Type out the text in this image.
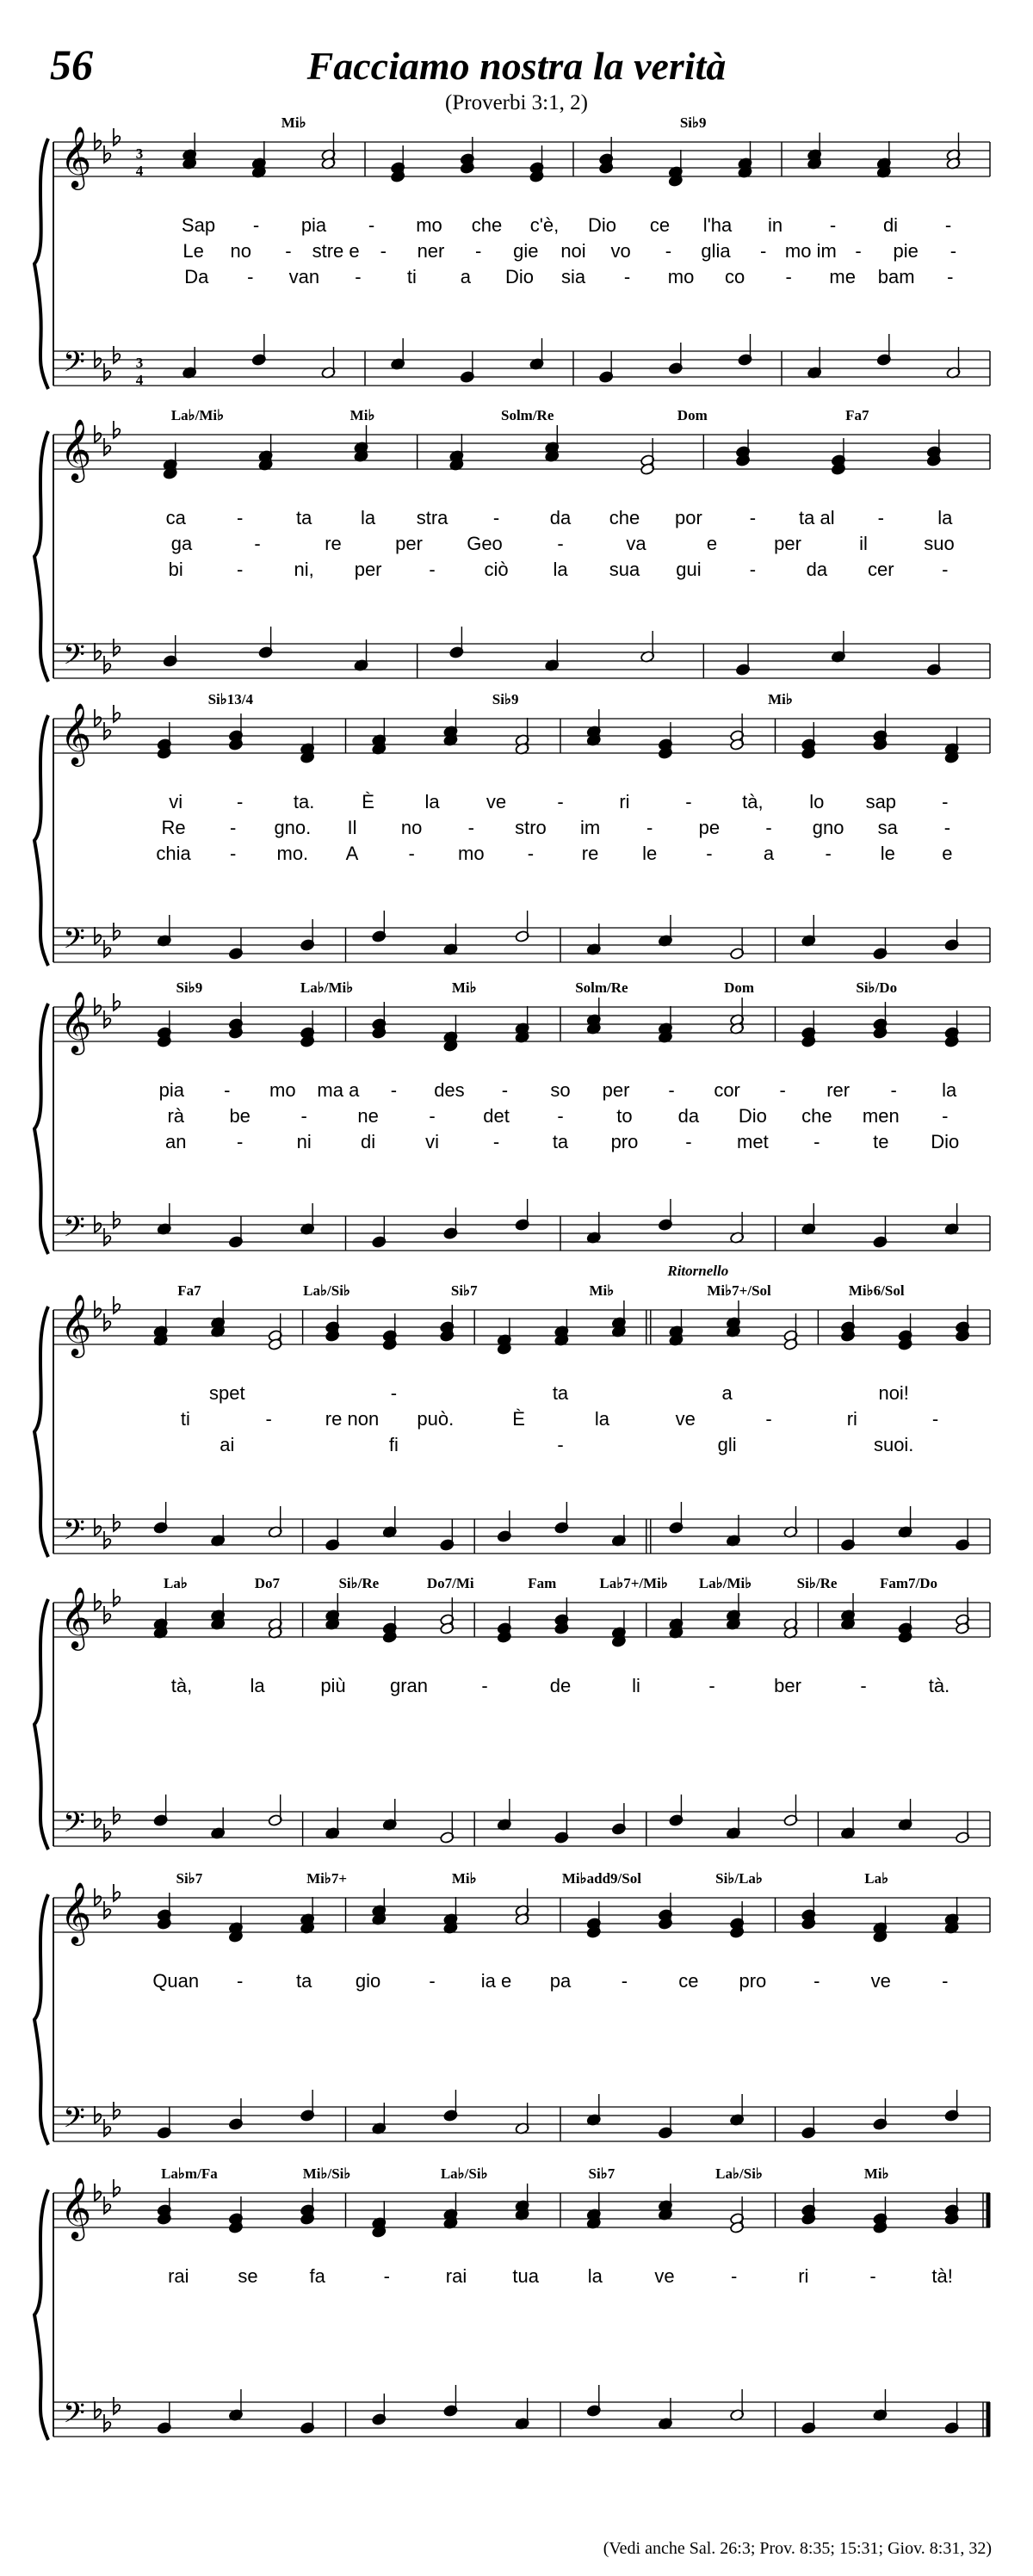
56	Facciamo nostra la verità
(Proverbi 3:1, 2)
𝄞
𝄢
3
4
3
4
Mi♭	Si♭9
Sap - pia - mo che c'è, Dio ce l'ha in - di -
Le no - stre e - ner - gie noi vo - glia - mo im - pie -
Da - van - ti a Dio sia - mo co - me bam -
𝄞
𝄢
La♭/Mi♭	Mi♭	Solm/Re	Dom	Fa7
ca	-	ta	la stra -	da che por - ta al -	la
ga	-	re	per Geo	-	va	e	per	il	suo
bi	-	ni, per -	ciò la sua gui	-	da cer	-
𝄞
𝄢
Si♭13/4	Si♭9	Mi♭
vi	-	ta. È	la ve	-	ri	-	tà, lo sap -
Re - gno. Il no - stro im - pe - gno sa -
chia - mo. A	- mo -	re le	-	a	-	le e
𝄞
𝄢
Si♭9	La♭/Mi♭	Mi♭	Solm/Re	Dom	Si♭/Do
pia - mo ma a - des - so per - cor - rer - la
rà be	-	ne	-	det	-	to da Dio che men -
an	-	ni	di	vi	-	ta pro - met -	te Dio
𝄞
𝄢
Ritornello
Fa7	La♭/Si♭	Si♭7	Mi♭	Mi♭7+/Sol	Mi♭6/Sol
spet	-	ta	a	noi!
ti	-	re non può.	È	la	ve	-	ri	-
ai	fi	-	gli	suoi.
𝄞
𝄢
La♭	Do7	Si♭/Re	Do7/Mi	Fam	La♭7+/Mi♭ La♭/Mi♭	Si♭/Re	Fam7/Do
tà,	la	più gran	-	de	li	-	ber	-	tà.
𝄞
𝄢
Si♭7	Mi♭7+	Mi♭	Mi♭add9/Sol	Si♭/La♭	La♭
Quan -	ta gio	- ia e pa	-	ce pro -	ve	-
𝄞
𝄢
La♭m/Fa	Mi♭/Si♭	La♭/Si♭	Si♭7	La♭/Si♭	Mi♭
rai	se	fa	-	rai tua	la	ve	-	ri	-	tà!
(Vedi anche Sal. 26:3; Prov. 8:35; 15:31; Giov. 8:31, 32)
